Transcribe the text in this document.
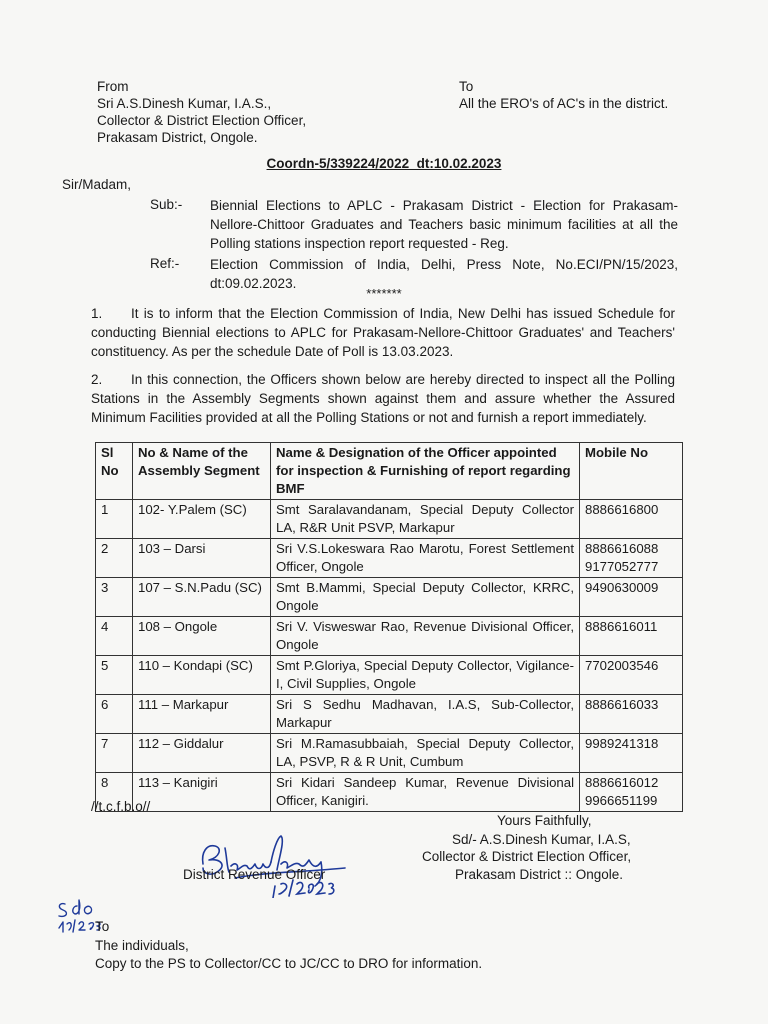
From
Sri A.S.Dinesh Kumar, I.A.S.,
Collector & District Election Officer,
Prakasam District, Ongole.
To
All the ERO's of AC's in the district.
Coordn-5/339224/2022  dt:10.02.2023
Sir/Madam,
Sub:- Biennial Elections to APLC - Prakasam District - Election for Prakasam-Nellore-Chittoor Graduates and Teachers basic minimum facilities at all the Polling stations inspection report requested - Reg.
Ref:- Election Commission of India, Delhi, Press Note, No.ECI/PN/15/2023, dt:09.02.2023.
*******
1. It is to inform that the Election Commission of India, New Delhi has issued Schedule for conducting Biennial elections to APLC for Prakasam-Nellore-Chittoor Graduates' and Teachers' constituency. As per the schedule Date of Poll is 13.03.2023.
2. In this connection, the Officers shown below are hereby directed to inspect all the Polling Stations in the Assembly Segments shown against them and assure whether the Assured Minimum Facilities provided at all the Polling Stations or not and furnish a report immediately.
Sl No	No & Name of the Assembly Segment	Name & Designation of the Officer appointed for inspection & Furnishing of report regarding BMF	Mobile No
1	102- Y.Palem (SC)	Smt Saralavandanam, Special Deputy Collector LA, R&R Unit PSVP, Markapur	8886616800

2	103 – Darsi	Sri V.S.Lokeswara Rao Marotu, Forest Settlement Officer, Ongole	8886616088
9177052777

3	107 – S.N.Padu (SC)	Smt B.Mammi, Special Deputy Collector, KRRC, Ongole	9490630009

4	108 – Ongole	Sri V. Visweswar Rao, Revenue Divisional Officer, Ongole	8886616011

5	110 – Kondapi (SC)	Smt P.Gloriya, Special Deputy Collector, Vigilance-I, Civil Supplies, Ongole	7702003546

6	111 – Markapur	Sri S Sedhu Madhavan, I.A.S, Sub-Collector, Markapur	8886616033

7	112 – Giddalur	Sri M.Ramasubbaiah, Special Deputy Collector, LA, PSVP, R & R Unit, Cumbum	9989241318

8	113 – Kanigiri	Sri Kidari Sandeep Kumar, Revenue Divisional Officer, Kanigiri.	8886616012
9966651199
//t.c.f.b.o//
Yours Faithfully,
Sd/- A.S.Dinesh Kumar, I.A.S,
Collector & District Election Officer,
Prakasam District :: Ongole.
District Revenue Officer
To
The individuals,
Copy to the PS to Collector/CC to JC/CC to DRO for information.
